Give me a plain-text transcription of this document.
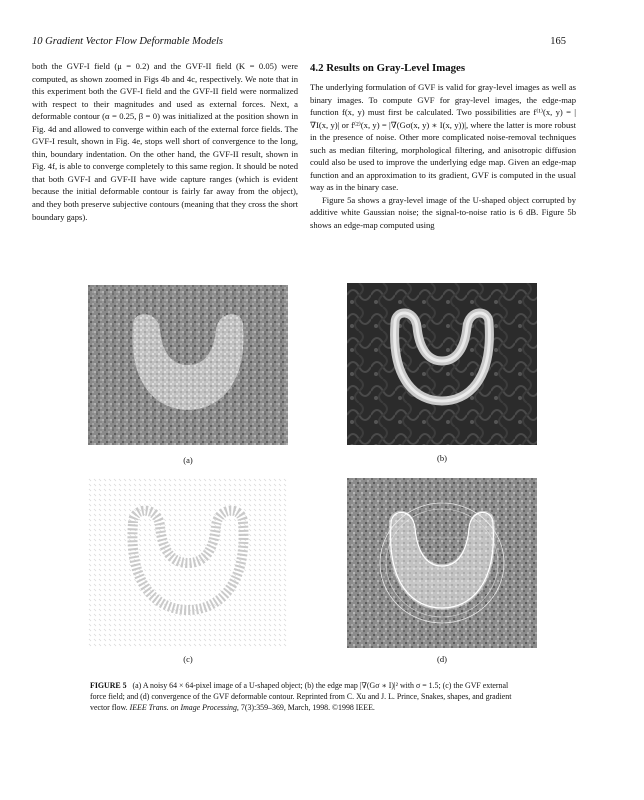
10 Gradient Vector Flow Deformable Models	165

both the GVF-I field (μ = 0.2) and the GVF-II field (K = 0.05) were computed, as shown zoomed in Figs 4b and 4c, respectively. We note that in this experiment both the GVF-I field and the GVF-II field were normalized with respect to their magnitudes and used as external forces. Next, a deformable contour (α = 0.25, β = 0) was initialized at the position shown in Fig. 4d and allowed to converge within each of the external force fields. The GVF-I result, shown in Fig. 4e, stops well short of convergence to the long, thin, boundary indentation. On the other hand, the GVF-II result, shown in Fig. 4f, is able to converge completely to this same region. It should be noted that both GVF-I and GVF-II have wide capture ranges (which is evident because the initial deformable contour is fairly far away from the object), and they both preserve subjective contours (meaning that they cross the short boundary gaps).

4.2 Results on Gray-Level Images

The underlying formulation of GVF is valid for gray-level images as well as binary images. To compute GVF for gray-level images, the edge-map function f(x, y) must first be calculated. Two possibilities are f⁽¹⁾(x, y) = |∇I(x, y)| or f⁽²⁾(x, y) = |∇(Gσ(x, y) ∗ I(x, y))|, where the latter is more robust in the presence of noise. Other more complicated noise-removal techniques such as median filtering, morphological filtering, and anisotropic diffusion could also be used to improve the underlying edge map. Given an edge-map function and an approximation to its gradient, GVF is computed in the usual way as in the binary case.

Figure 5a shows a gray-level image of the U-shaped object corrupted by additive white Gaussian noise; the signal-to-noise ratio is 6 dB. Figure 5b shows an edge-map computed using

(a)	(b)
(c)	(d)
FIGURE 5 (a) A noisy 64 × 64-pixel image of a U-shaped object; (b) the edge map |∇(Gσ ∗ I)|² with σ = 1.5; (c) the GVF external force field; and (d) convergence of the GVF deformable contour. Reprinted from C. Xu and J. L. Prince, Snakes, shapes, and gradient vector flow. IEEE Trans. on Image Processing, 7(3):359–369, March, 1998. ©1998 IEEE.
